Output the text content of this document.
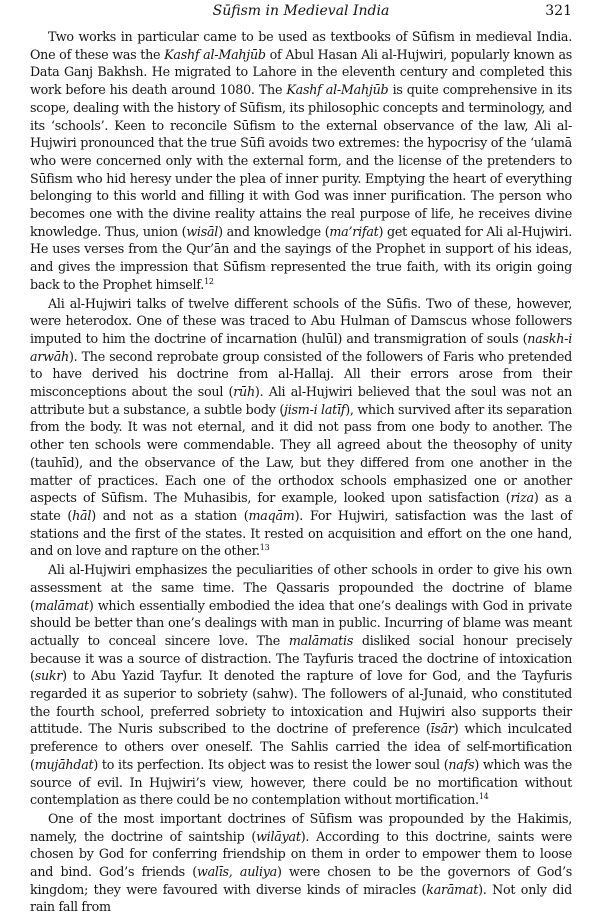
Sūfism in Medieval India	321

Two works in particular came to be used as textbooks of Sūfism in medieval India. One of these was the Kashf al-Mahjūb of Abul Hasan Ali al-Hujwiri, popularly known as Data Ganj Bakhsh. He migrated to Lahore in the eleventh century and completed this work before his death around 1080. The Kashf al-Mahjūb is quite comprehensive in its scope, dealing with the history of Sūfism, its philosophic concepts and terminology, and its ‘schools’. Keen to reconcile Sūfism to the external observance of the law, Ali al-Hujwiri pronounced that the true Sūfi avoids two extremes: the hypocrisy of the ‘ulamā who were concerned only with the external form, and the license of the pretenders to Sūfism who hid heresy under the plea of inner purity. Emptying the heart of everything belonging to this world and filling it with God was inner purification. The person who becomes one with the divine reality attains the real purpose of life, he receives divine knowledge. Thus, union (wisāl) and knowledge (ma’rifat) get equated for Ali al-Hujwiri. He uses verses from the Qur’ān and the sayings of the Prophet in support of his ideas, and gives the impression that Sūfism represented the true faith, with its origin going back to the Prophet himself.$^{12}$

Ali al-Hujwiri talks of twelve different schools of the Sūfis. Two of these, however, were heterodox. One of these was traced to Abu Hulman of Damscus whose followers imputed to him the doctrine of incarnation (hulūl) and transmigration of souls (naskh-i arwāh). The second reprobate group consisted of the followers of Faris who pretended to have derived his doctrine from al-Hallaj. All their errors arose from their misconceptions about the soul (rūh). Ali al-Hujwiri believed that the soul was not an attribute but a substance, a subtle body (jism-i latīf), which survived after its separation from the body. It was not eternal, and it did not pass from one body to another. The other ten schools were commendable. They all agreed about the theosophy of unity (tauhīd), and the observance of the Law, but they differed from one another in the matter of practices. Each one of the orthodox schools emphasized one or another aspects of Sūfism. The Muhasibis, for example, looked upon satisfaction (riza) as a state (hāl) and not as a station (maqām). For Hujwiri, satisfaction was the last of stations and the first of the states. It rested on acquisition and effort on the one hand, and on love and rapture on the other.$^{13}$

Ali al-Hujwiri emphasizes the peculiarities of other schools in order to give his own assessment at the same time. The Qassaris propounded the doctrine of blame (malāmat) which essentially embodied the idea that one’s dealings with God in private should be better than one’s dealings with man in public. Incurring of blame was meant actually to conceal sincere love. The malāmatis disliked social honour precisely because it was a source of distraction. The Tayfuris traced the doctrine of intoxication (sukr) to Abu Yazid Tayfur. It denoted the rapture of love for God, and the Tayfuris regarded it as superior to sobriety (sahw). The followers of al-Junaid, who constituted the fourth school, preferred sobriety to intoxication and Hujwiri also supports their attitude. The Nuris subscribed to the doctrine of preference (īsār) which inculcated preference to others over oneself. The Sahlis carried the idea of self-mortification (mujāhdat) to its perfection. Its object was to resist the lower soul (nafs) which was the source of evil. In Hujwiri’s view, however, there could be no mortification without contemplation as there could be no contemplation without mortification.$^{14}$

One of the most important doctrines of Sūfism was propounded by the Hakimis, namely, the doctrine of saintship (wilāyat). According to this doctrine, saints were chosen by God for conferring friendship on them in order to empower them to loose and bind. God’s friends (walīs, auliya) were chosen to be the governors of God’s kingdom; they were favoured with diverse kinds of miracles (karāmat). Not only did rain fall from
